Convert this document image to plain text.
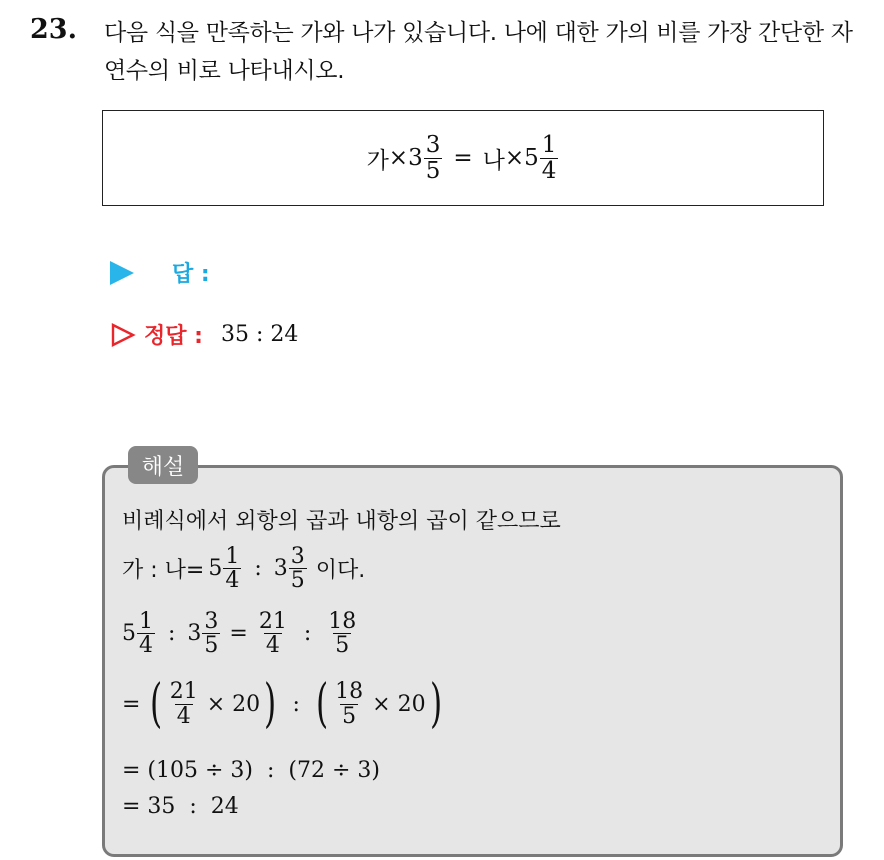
23. 다음 식을 만족하는 가와 나가 있습니다. 나에 대한 가의 비를 가장 간단한 자연수의 비로 나타내시오.
가 × $3 \frac{3}{5}$ = 나 × $5 \frac{1}{4}$
답 :
정답 : 35 : 24
해설
비례식에서 외항의 곱과 내항의 곱이 같으므로
가 : 나= $5 \frac{1}{4}$ : $3 \frac{3}{5}$ 이다.
$5 \frac{1}{4}$ : $3 \frac{3}{5} = \frac{21}{4}$ : $\frac{18}{5}$
= ( $\frac{21}{4} \times 20$ ) : ( $\frac{18}{5} \times 20$ )
= (105 ÷ 3)  :  (72 ÷ 3)
= 35  :  24
